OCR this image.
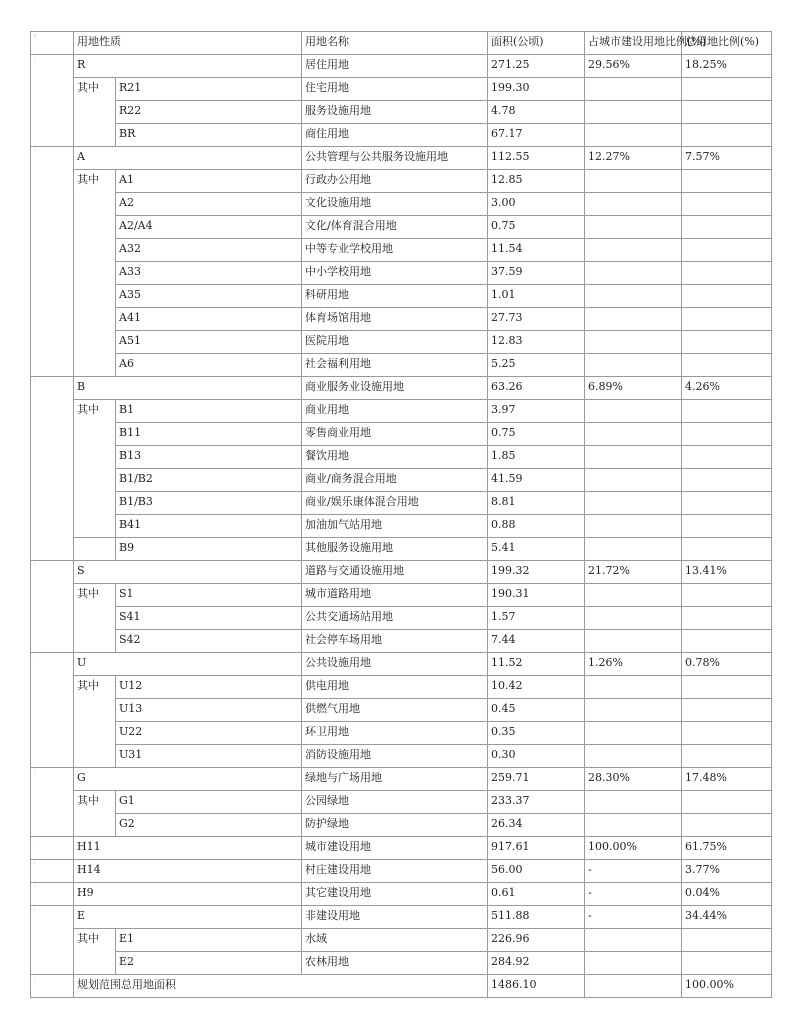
⁰	用地性质		用地名称	面积(公顷)	占城市建设用地比例(%)	总用地比例(%)
'	R		居住用地	271.25	29.56%	18.25%
	其中	R21	住宅用地	199.30		
		R22	服务设施用地	4.78		
		BR	商住用地	67.17		
'	A		公共管理与公共服务设施用地	112.55	12.27%	7.57%
	其中	A1	行政办公用地	12.85		
		A2	文化设施用地	3.00		
		A2/A4	文化/体育混合用地	0.75		
		A32	中等专业学校用地	11.54		
		A33	中小学校用地	37.59		
		A35	科研用地	1.01		
		A41	体育场馆用地	27.73		
		A51	医院用地	12.83		
		A6	社会福利用地	5.25		
'	B		商业服务业设施用地	63.26	6.89%	4.26%
	其中	B1	商业用地	3.97		
		B11	零售商业用地	0.75		
		B13	餐饮用地	1.85		
		B1/B2	商业/商务混合用地	41.59		
		B1/B3	商业/娱乐康体混合用地	8.81		
		B41	加油加气站用地	0.88		
		B9	其他服务设施用地	5.41		
'	S		道路与交通设施用地	199.32	21.72%	13.41%
	其中	S1	城市道路用地	190.31		
		S41	公共交通场站用地	1.57		
		S42	社会停车场用地	7.44		
'	U		公共设施用地	11.52	1.26%	0.78%
	其中	U12	供电用地	10.42		
		U13	供燃气用地	0.45		
		U22	环卫用地	0.35		
		U31	消防设施用地	0.30		
'	G		绿地与广场用地	259.71	28.30%	17.48%
	其中	G1	公园绿地	233.37		
		G2	防护绿地	26.34		
'	H11		城市建设用地	917.61	100.00%	61.75%
'	H14		村庄建设用地	56.00	-	3.77%
'	H9		其它建设用地	0.61	-	0.04%
'	E		非建设用地	511.88	-	34.44%
	其中	E1	水域	226.96		
		E2	农林用地	284.92		
'	规划范围总用地面积			1486.10		100.00%
